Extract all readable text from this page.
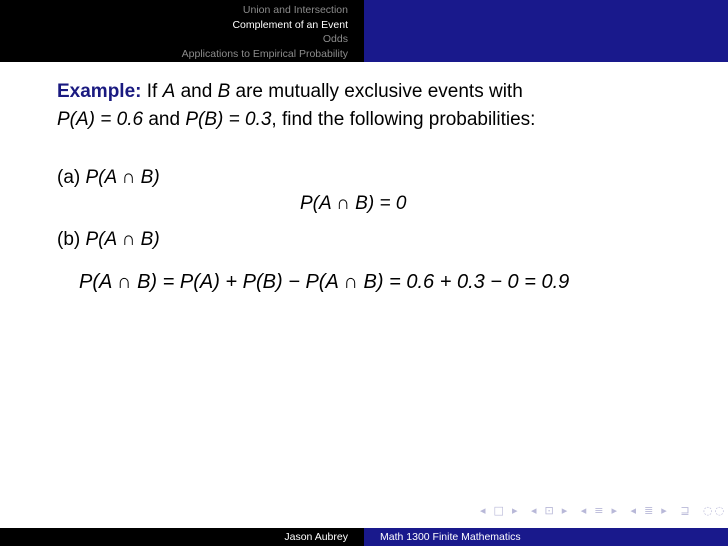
Union and Intersection
Complement of an Event
Odds
Applications to Empirical Probability
Example: If A and B are mutually exclusive events with
P(A) = 0.6 and P(B) = 0.3, find the following probabilities:
(a) P(A ∩ B)
P(A ∩ B) = 0
(b) P(A ∩ B)
P(A ∩ B) = P(A) + P(B) − P(A ∩ B) = 0.6 + 0.3 − 0 = 0.9
◂ □ ▸ ◂ ⊡ ▸ ◂ ≡ ▸ ◂ ≣ ▸ ⊒ ◌◌
Jason Aubrey	Math 1300 Finite Mathematics
